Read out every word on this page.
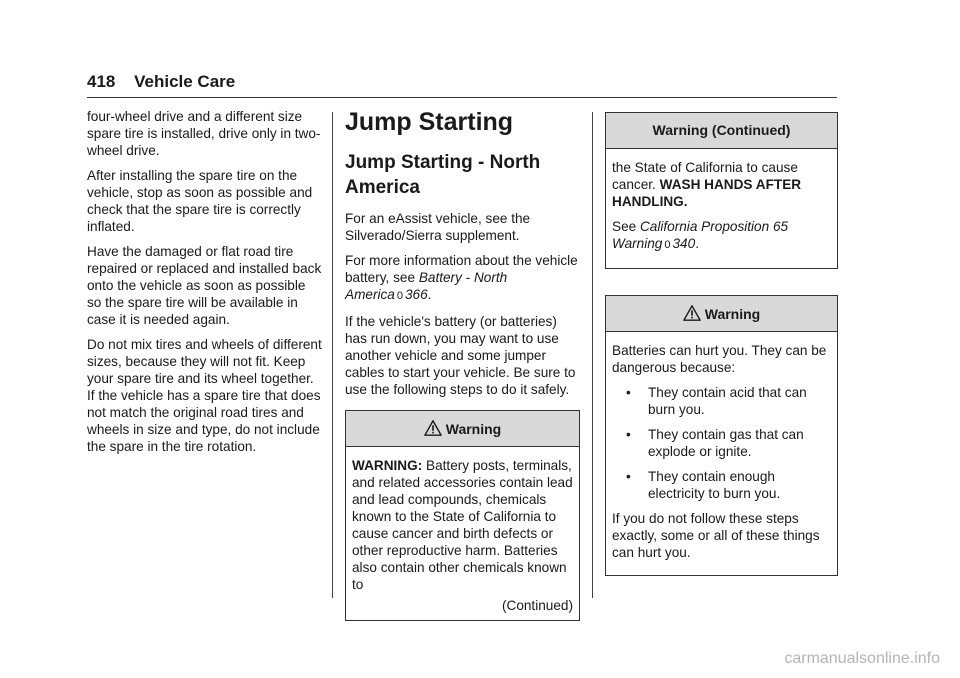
418 Vehicle Care

four-wheel drive and a different size spare tire is installed, drive only in two-wheel drive.

After installing the spare tire on the vehicle, stop as soon as possible and check that the spare tire is correctly inflated.

Have the damaged or flat road tire repaired or replaced and installed back onto the vehicle as soon as possible so the spare tire will be available in case it is needed again.

Do not mix tires and wheels of different sizes, because they will not fit. Keep your spare tire and its wheel together. If the vehicle has a spare tire that does not match the original road tires and wheels in size and type, do not include the spare in the tire rotation.

Jump Starting
Jump Starting - North America

For an eAssist vehicle, see the Silverado/Sierra supplement.

For more information about the vehicle battery, see Battery - North America 0 366.

If the vehicle's battery (or batteries) has run down, you may want to use another vehicle and some jumper cables to start your vehicle. Be sure to use the following steps to do it safely.

Warning

WARNING: Battery posts, terminals, and related accessories contain lead and lead compounds, chemicals known to the State of California to cause cancer and birth defects or other reproductive harm. Batteries also contain other chemicals known to

(Continued)
Warning (Continued)

the State of California to cause cancer. WASH HANDS AFTER HANDLING.

See California Proposition 65 Warning 0 340.

Warning

Batteries can hurt you. They can be dangerous because:

• They contain acid that can burn you.
• They contain gas that can explode or ignite.
• They contain enough electricity to burn you.

If you do not follow these steps exactly, some or all of these things can hurt you.

carmanualsonline.info
